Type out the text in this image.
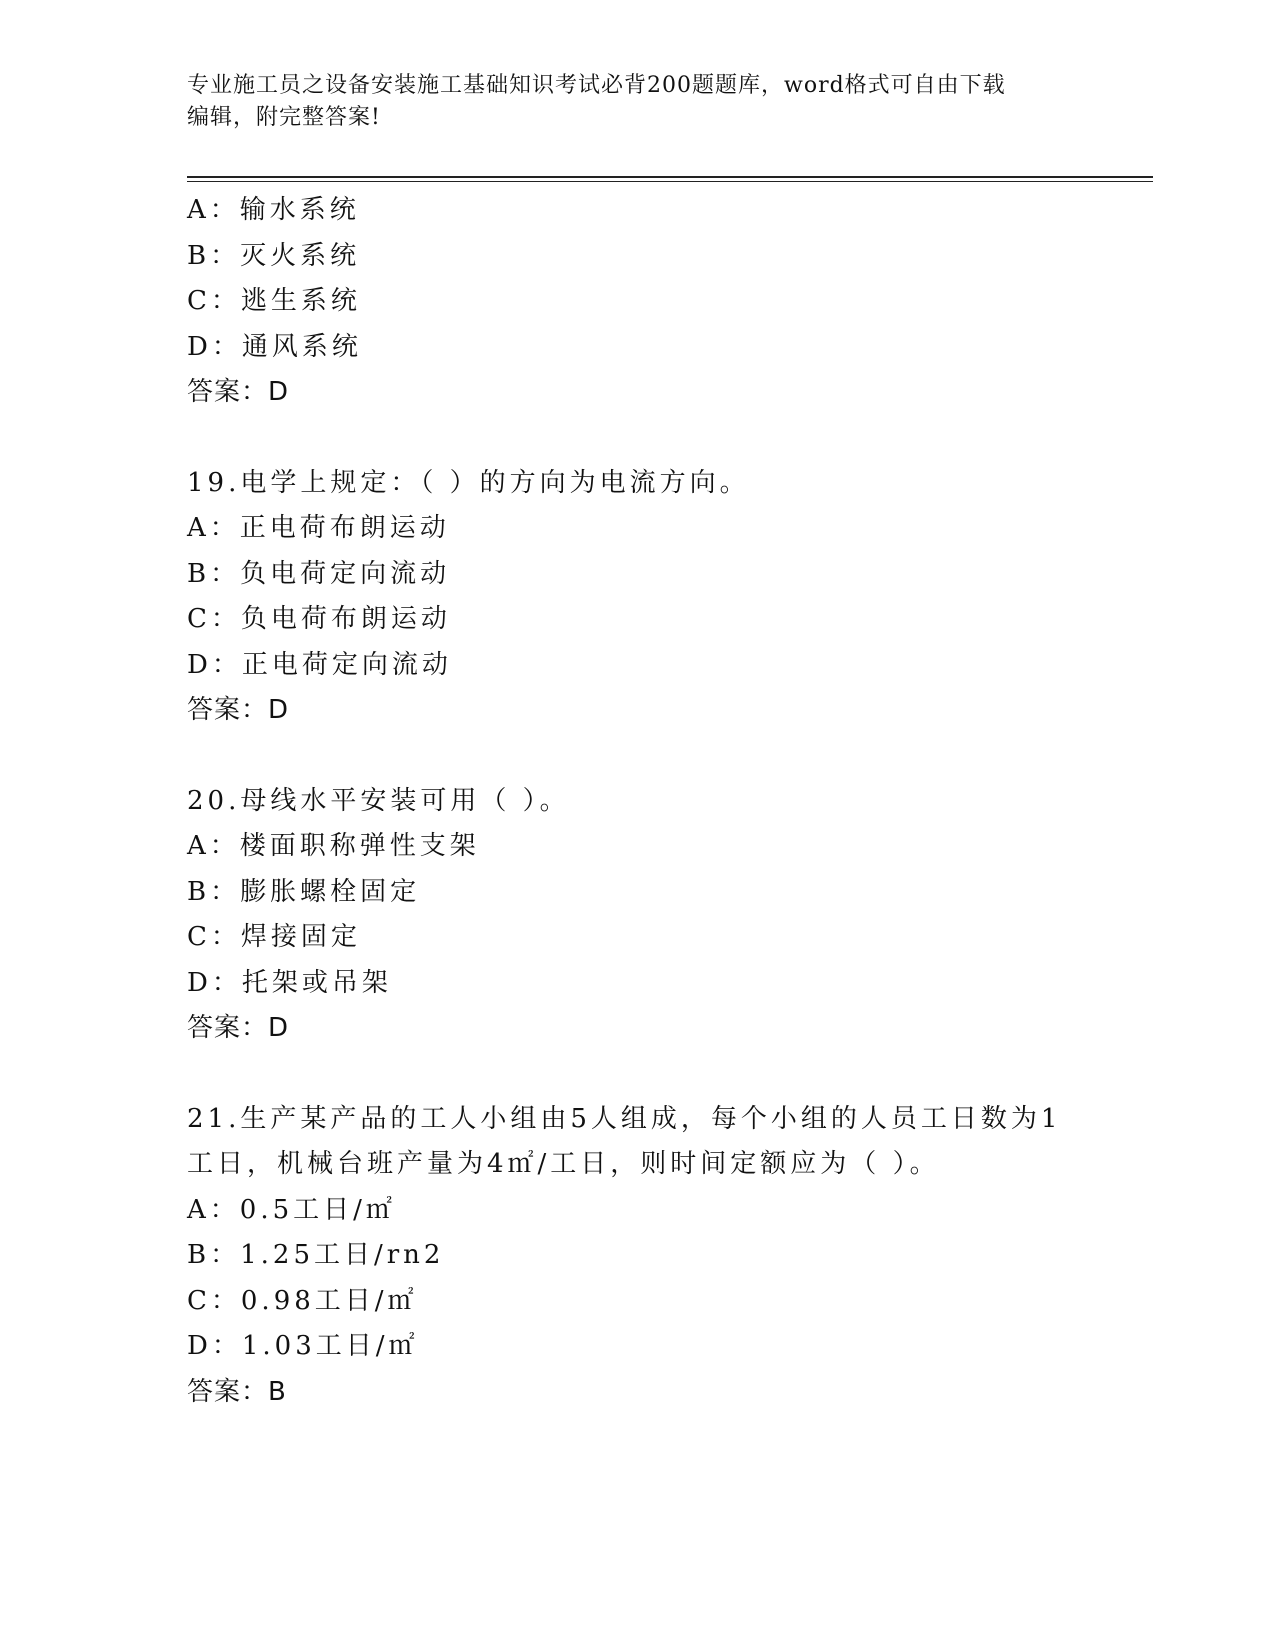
专业施工员之设备安装施工基础知识考试必背200题题库，word格式可自由下载
编辑，附完整答案!
A：输水系统
B：灭火系统
C：逃生系统
D：通风系统
答案：D
19.电学上规定：（ ）的方向为电流方向。
A：正电荷布朗运动
B：负电荷定向流动
C：负电荷布朗运动
D：正电荷定向流动
答案：D
20.母线水平安装可用（ ）。
A：楼面职称弹性支架
B：膨胀螺栓固定
C：焊接固定
D：托架或吊架
答案：D
21.生产某产品的工人小组由5人组成，每个小组的人员工日数为1工日，机械台班产量为4㎡/工日，则时间定额应为（ ）。
A：0.5工日/㎡
B：1.25工日/rn2
C：0.98工日/㎡
D：1.03工日/㎡
答案：B
